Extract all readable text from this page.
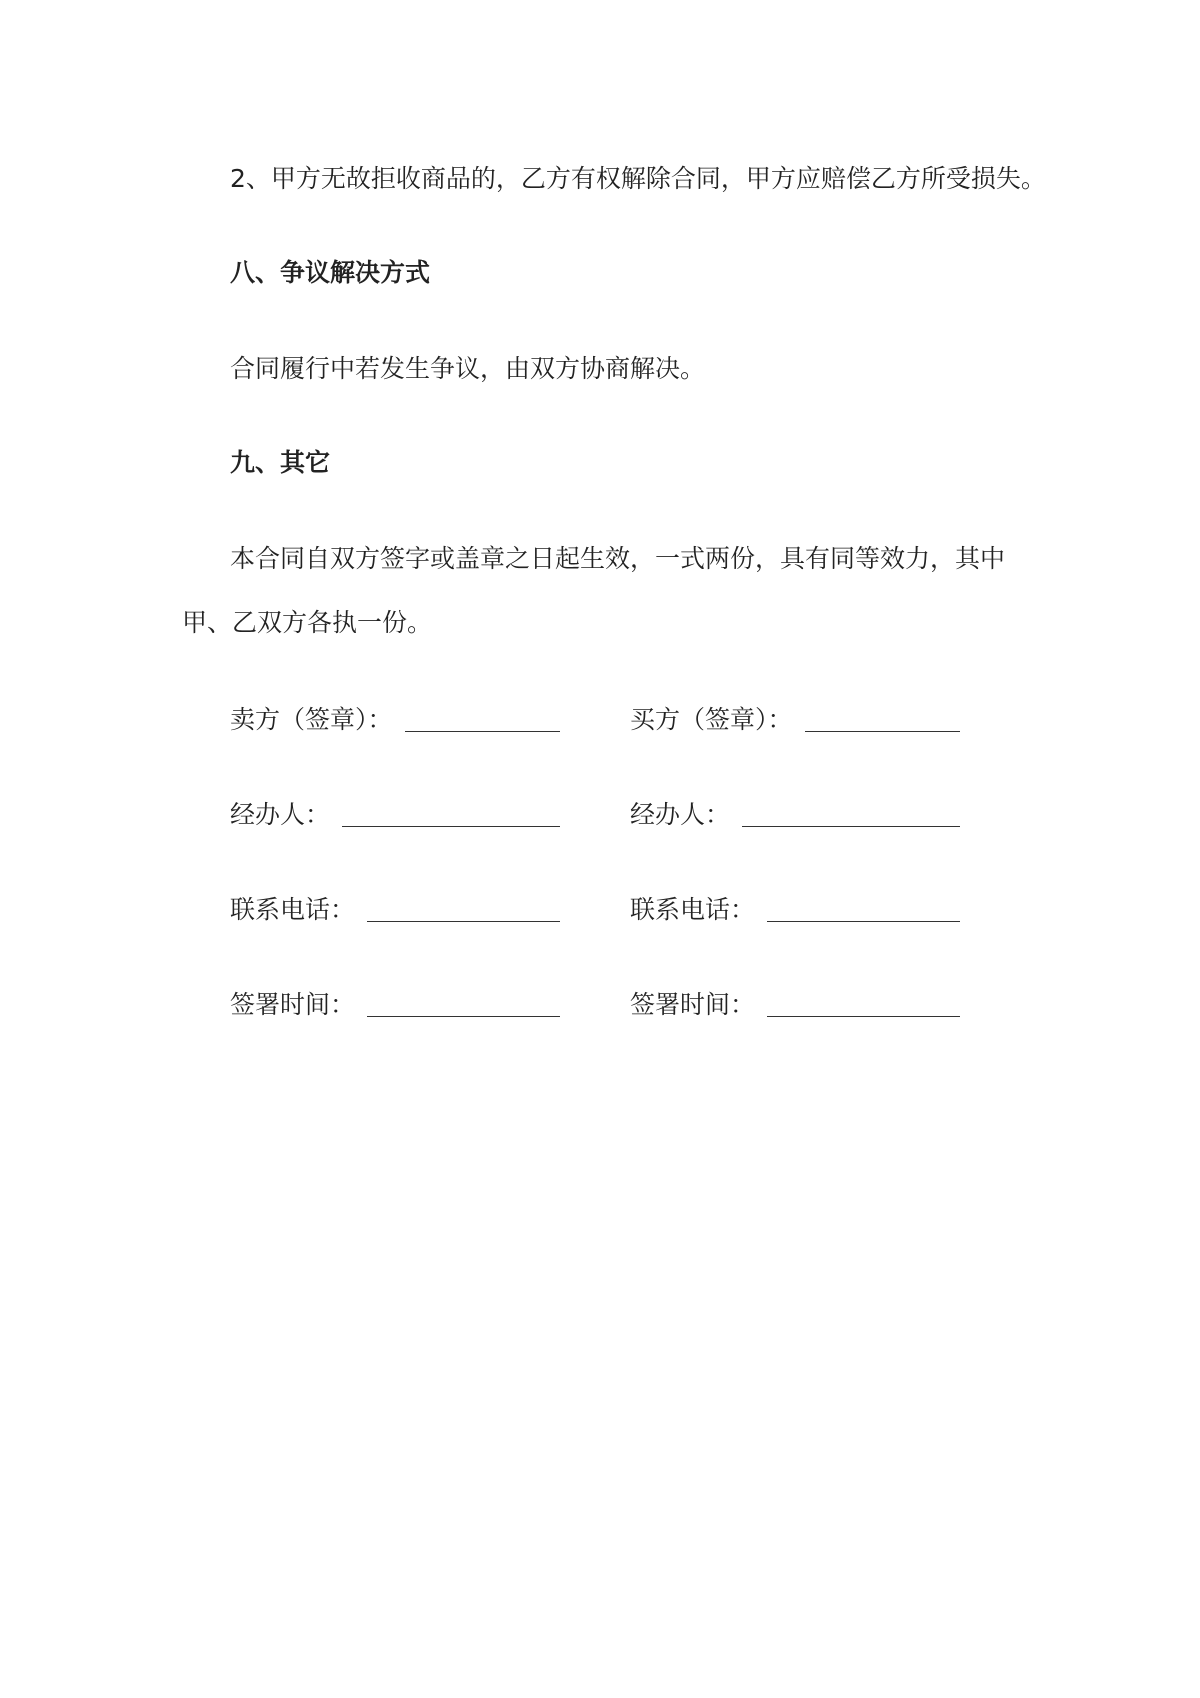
2、甲方无故拒收商品的，乙方有权解除合同，甲方应赔偿乙方所受损失。
八、争议解决方式
合同履行中若发生争议，由双方协商解决。
九、其它
本合同自双方签字或盖章之日起生效，一式两份，具有同等效力，其中
甲、乙双方各执一份。
卖方（签章）：	买方（签章）：
经办人：	经办人：
联系电话：	联系电话：
签署时间：	签署时间：
